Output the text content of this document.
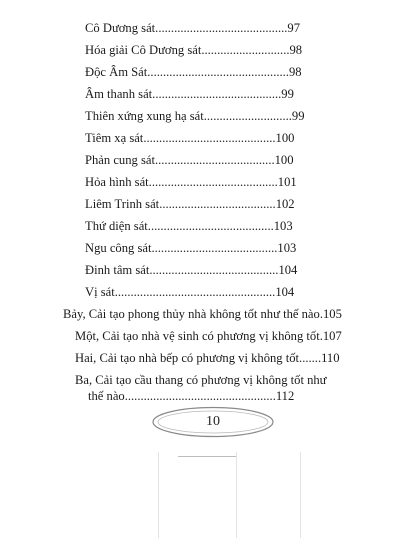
Cô Dương sát..........................................97
Hóa giải Cô Dương sát............................98
Độc Âm Sát.............................................98
Âm thanh sát.........................................99
Thiên xứng xung hạ sát............................99
Tiêm xạ sát..........................................100
Phản cung sát......................................100
Hỏa hình sát.........................................101
Liêm Trinh sát.....................................102
Thứ diện sát........................................103
Ngu công sát........................................103
Đinh tâm sát.........................................104
Vị sát...................................................104
Bảy, Cải tạo phong thủy nhà không tốt như thế nào.105
Một, Cải tạo nhà vệ sinh có phương vị không tốt.107
Hai, Cải tạo nhà bếp có phương vị không tốt.......110
Ba, Cải tạo cầu thang có phương vị không tốt như
thế nào................................................112
10
